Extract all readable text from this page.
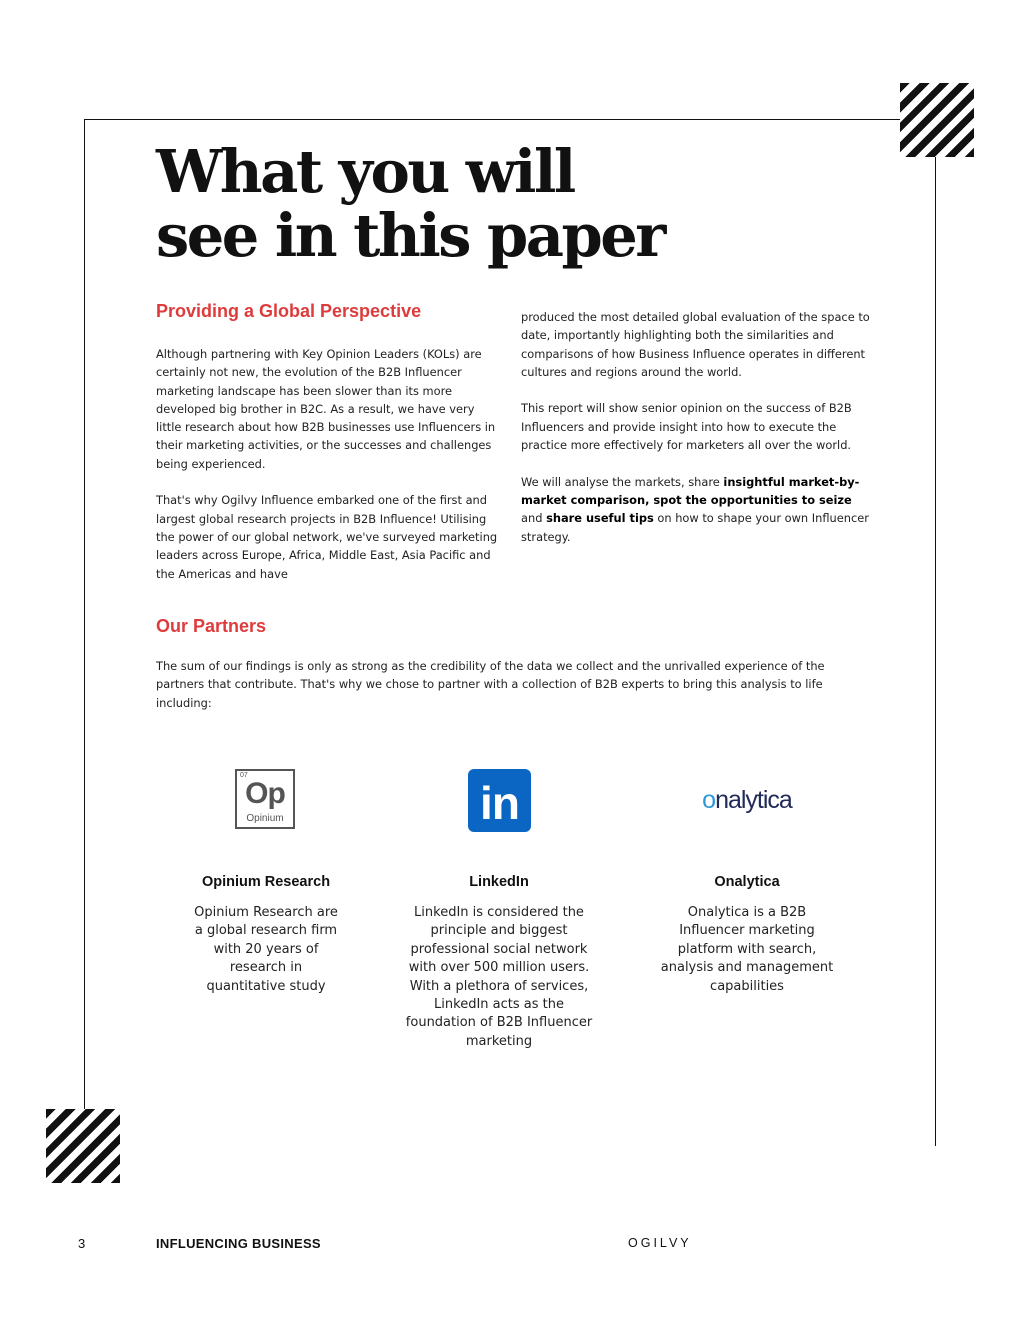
What you will
see in this paper
Providing a Global Perspective

Although partnering with Key Opinion Leaders (KOLs) are certainly not new, the evolution of the B2B Influencer marketing landscape has been slower than its more developed big brother in B2C. As a result, we have very little research about how B2B businesses use Influencers in their marketing activities, or the successes and challenges being experienced.

That's why Ogilvy Influence embarked one of the first and largest global research projects in B2B Influence! Utilising the power of our global network, we've surveyed marketing leaders across Europe, Africa, Middle East, Asia Pacific and the Americas and have

produced the most detailed global evaluation of the space to date, importantly highlighting both the similarities and comparisons of how Business Influence operates in different cultures and regions around the world.

This report will show senior opinion on the success of B2B Influencers and provide insight into how to execute the practice more effectively for marketers all over the world.

We will analyse the markets, share insightful market-by-market comparison, spot the opportunities to seize and share useful tips on how to shape your own Influencer strategy.

Our Partners

The sum of our findings is only as strong as the credibility of the data we collect and the unrivalled experience of the partners that contribute. That's why we chose to partner with a collection of B2B experts to bring this analysis to life including:

07
Op
Opinium
Opinium Research
Opinium Research are a global research firm with 20 years of research in quantitative study
in
LinkedIn
LinkedIn is considered the principle and biggest professional social network with over 500 million users. With a plethora of services, LinkedIn acts as the foundation of B2B Influencer marketing
onalytica
Onalytica
Onalytica is a B2B Influencer marketing platform with search, analysis and management capabilities
3	INFLUENCING BUSINESS	OGILVY
